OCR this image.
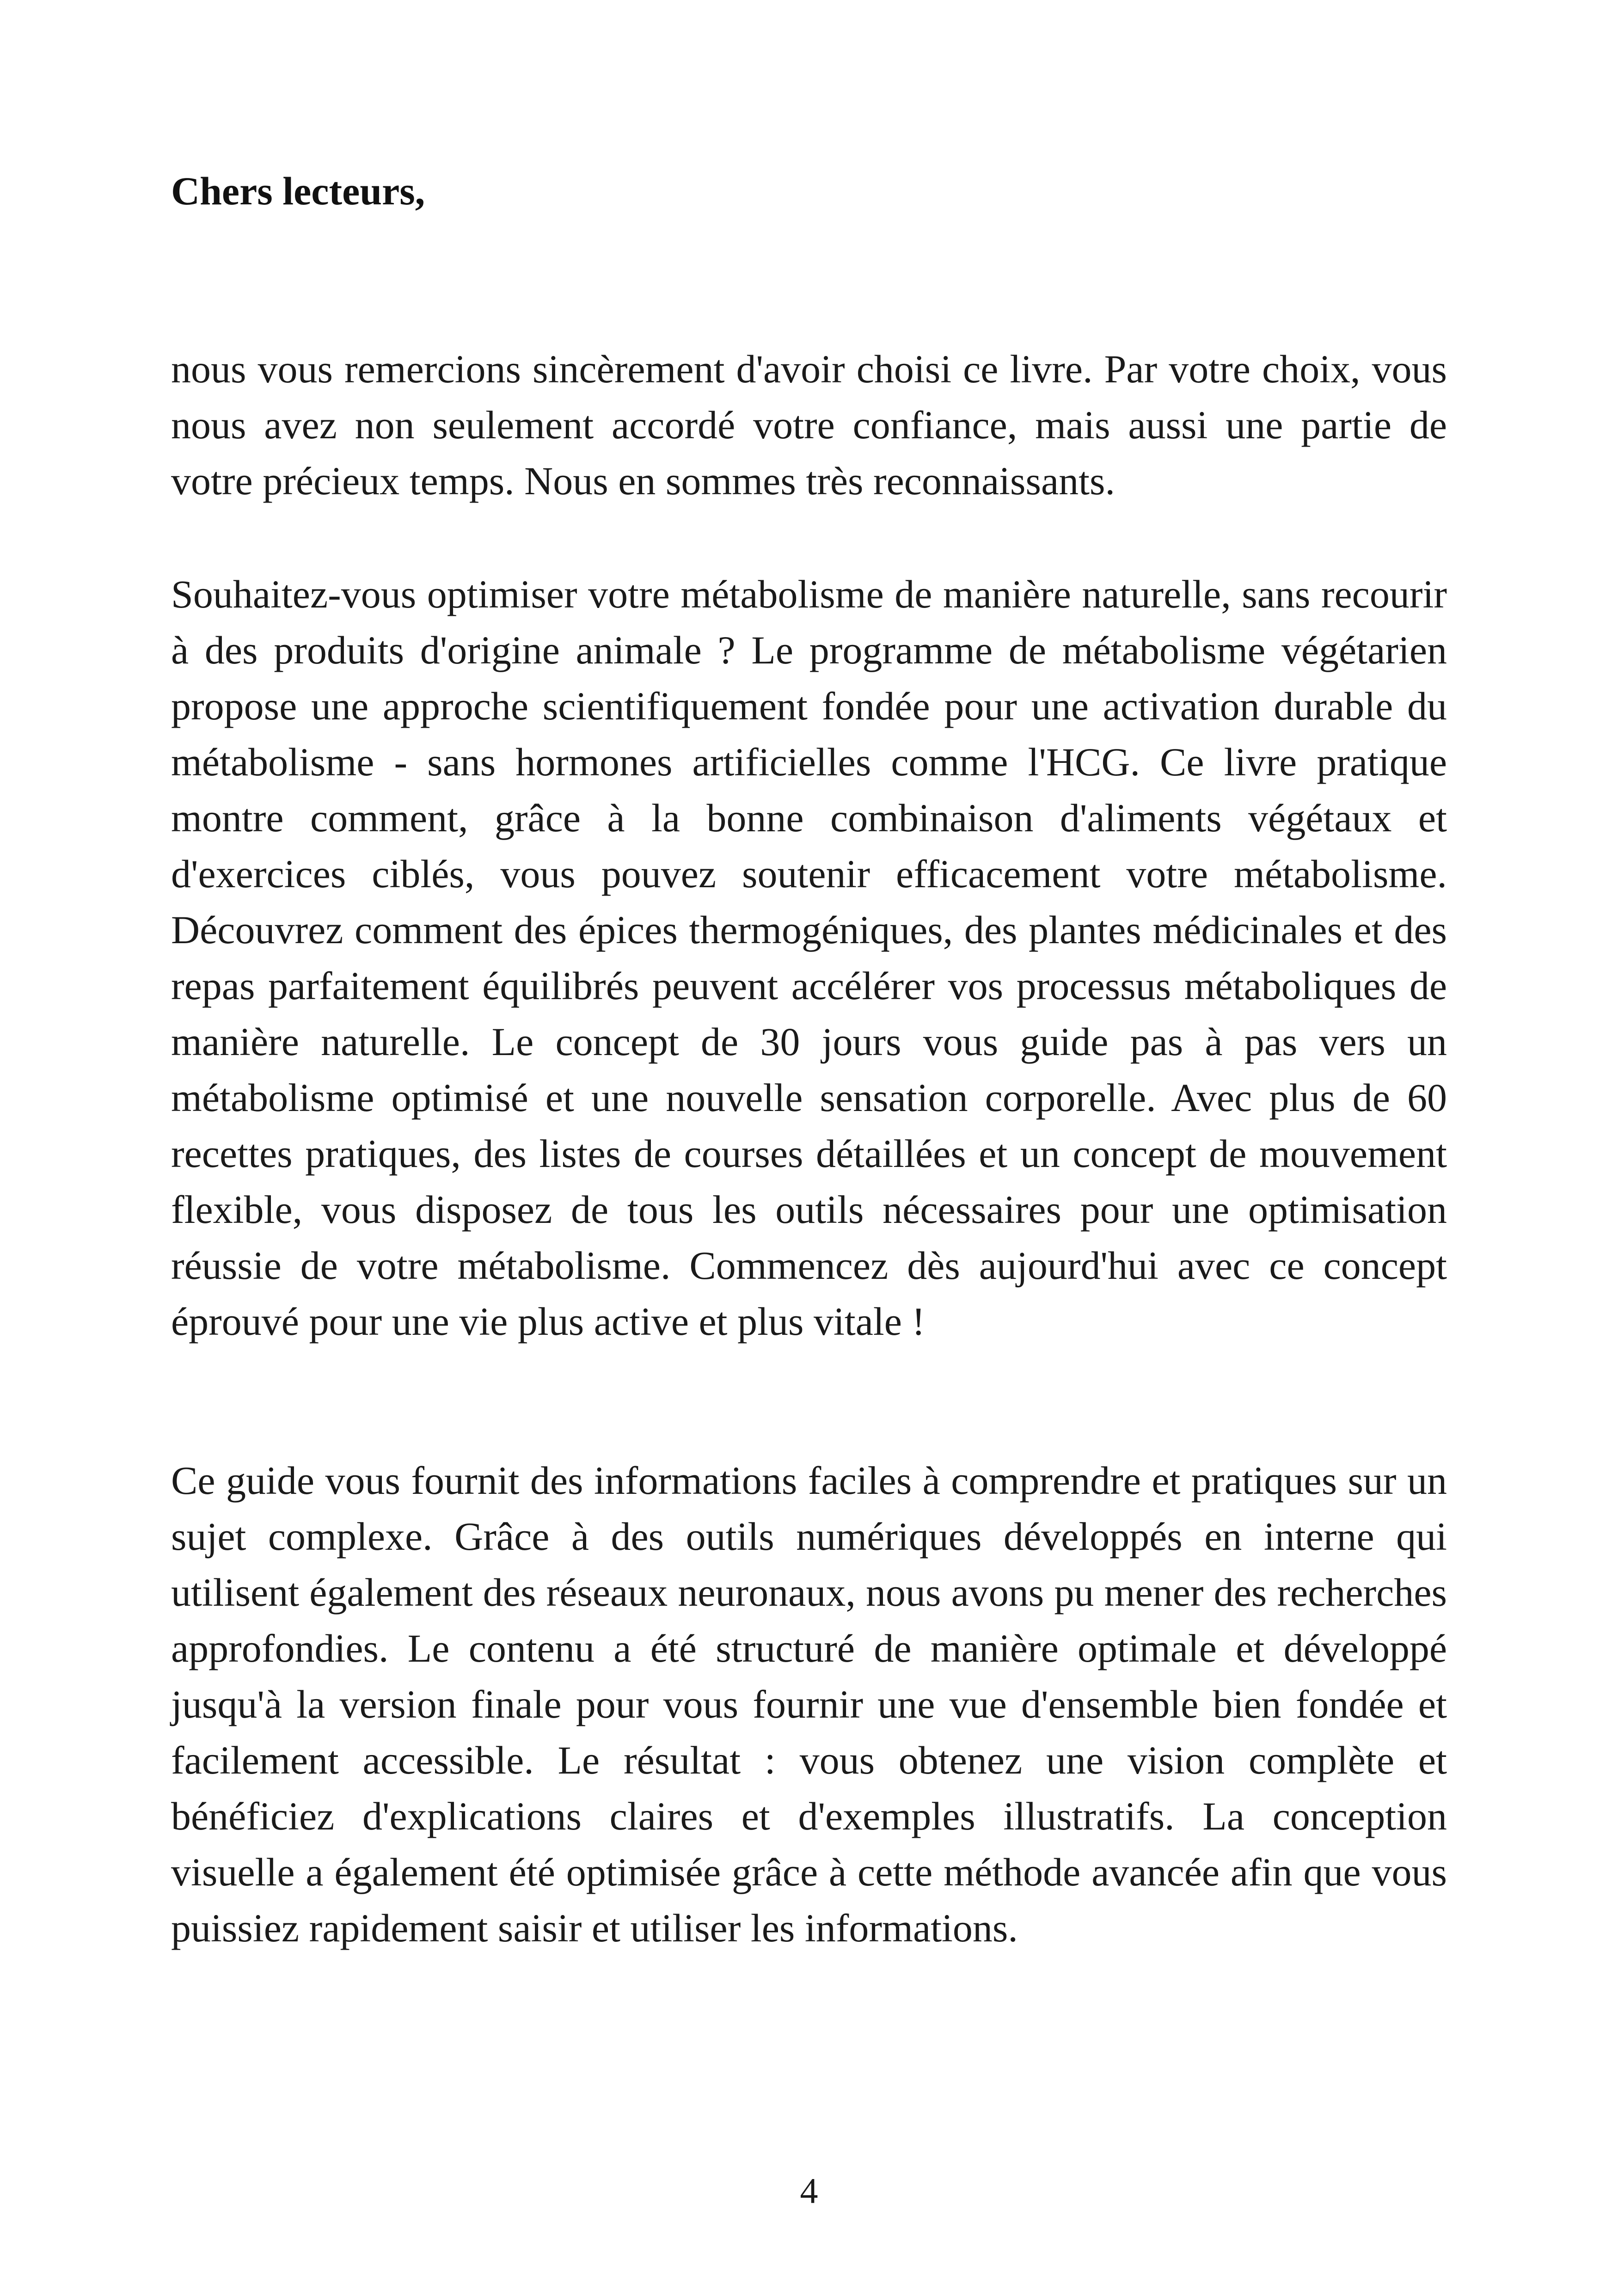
Chers lecteurs,

nous vous remercions sincèrement d'avoir choisi ce livre. Par votre choix, vous nous avez non seulement accordé votre confiance, mais aussi une partie de votre précieux temps. Nous en sommes très reconnaissants.

Souhaitez-vous optimiser votre métabolisme de manière naturelle, sans recourir à des produits d'origine animale ? Le programme de métabolisme végétarien propose une approche scientifiquement fondée pour une activation durable du métabolisme - sans hormones artificielles comme l'HCG. Ce livre pratique montre comment, grâce à la bonne combinaison d'aliments végétaux et d'exercices ciblés, vous pouvez soutenir efficacement votre métabolisme. Découvrez comment des épices thermogéniques, des plantes médicinales et des repas parfaitement équilibrés peuvent accélérer vos processus métaboliques de manière naturelle. Le concept de 30 jours vous guide pas à pas vers un métabolisme optimisé et une nouvelle sensation corporelle. Avec plus de 60 recettes pratiques, des listes de courses détaillées et un concept de mouvement flexible, vous disposez de tous les outils nécessaires pour une optimisation réussie de votre métabolisme. Commencez dès aujourd'hui avec ce concept éprouvé pour une vie plus active et plus vitale !

Ce guide vous fournit des informations faciles à comprendre et pratiques sur un sujet complexe. Grâce à des outils numériques développés en interne qui utilisent également des réseaux neuronaux, nous avons pu mener des recherches approfondies. Le contenu a été structuré de manière optimale et développé jusqu'à la version finale pour vous fournir une vue d'ensemble bien fondée et facilement accessible. Le résultat : vous obtenez une vision complète et bénéficiez d'explications claires et d'exemples illustratifs. La conception visuelle a également été optimisée grâce à cette méthode avancée afin que vous puissiez rapidement saisir et utiliser les informations.

4
